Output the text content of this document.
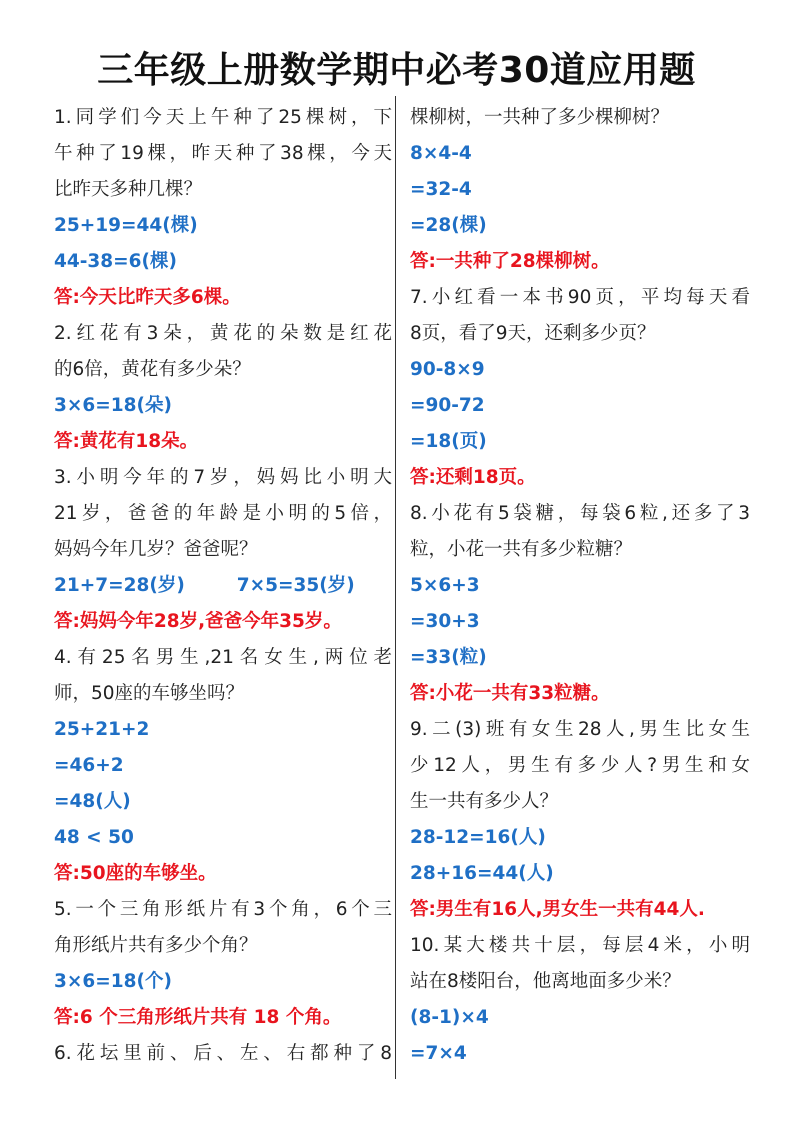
三年级上册数学期中必考30道应用题
1.同学们今天上午种了25棵树，下
午种了19棵，昨天种了38棵，今天
比昨天多种几棵？
25+19=44(棵)
44-38=6(棵)
答:今天比昨天多6棵。
2.红花有3朵，黄花的朵数是红花
的6倍，黄花有多少朵？
3×6=18(朵)
答:黄花有18朵。
3.小明今年的7岁，妈妈比小明大
21岁，爸爸的年龄是小明的5倍，
妈妈今年几岁？爸爸呢？
21+7=28(岁)	7×5=35(岁)
答:妈妈今年28岁,爸爸今年35岁。
4.有25名男生,21名女生,两位老
师，50座的车够坐吗？
25+21+2
=46+2
=48(人)
48 < 50
答:50座的车够坐。
5.一个三角形纸片有3个角，6个三
角形纸片共有多少个角？
3×6=18(个)
答:6 个三角形纸片共有 18 个角。
6.花坛里前、后、左、右都种了8
棵柳树，一共种了多少棵柳树？
8×4-4
=32-4
=28(棵)
答:一共种了28棵柳树。
7.小红看一本书90页，平均每天看
8页，看了9天，还剩多少页？
90-8×9
=90-72
=18(页)
答:还剩18页。
8.小花有5袋糖，每袋6粒,还多了3
粒，小花一共有多少粒糖？
5×6+3
=30+3
=33(粒)
答:小花一共有33粒糖。
9.二(3)班有女生28人,男生比女生
少12人，男生有多少人?男生和女
生一共有多少人？
28-12=16(人)
28+16=44(人)
答:男生有16人,男女生一共有44人.
10.某大楼共十层，每层4米，小明
站在8楼阳台，他离地面多少米？
(8-1)×4
=7×4
